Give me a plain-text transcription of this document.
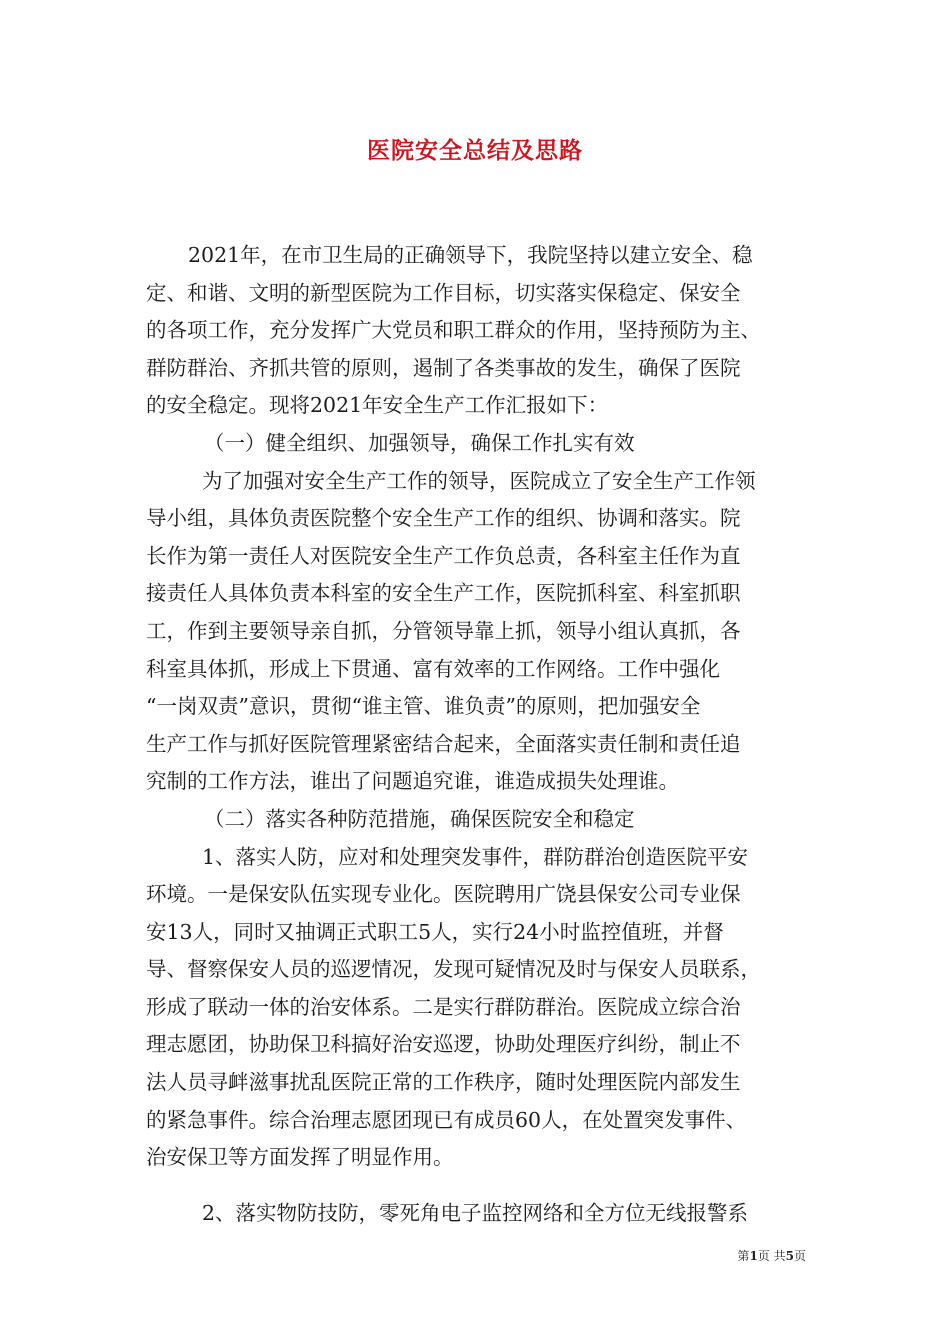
医院安全总结及思路
2021年，在市卫生局的正确领导下，我院坚持以建立安全、稳
定、和谐、文明的新型医院为工作目标，切实落实保稳定、保安全
的各项工作，充分发挥广大党员和职工群众的作用，坚持预防为主、
群防群治、齐抓共管的原则，遏制了各类事故的发生，确保了医院
的安全稳定。现将2021年安全生产工作汇报如下：
（一）健全组织、加强领导，确保工作扎实有效
为了加强对安全生产工作的领导，医院成立了安全生产工作领
导小组，具体负责医院整个安全生产工作的组织、协调和落实。院
长作为第一责任人对医院安全生产工作负总责，各科室主任作为直
接责任人具体负责本科室的安全生产工作，医院抓科室、科室抓职
工，作到主要领导亲自抓，分管领导靠上抓，领导小组认真抓，各
科室具体抓，形成上下贯通、富有效率的工作网络。工作中强化
“一岗双责”意识，贯彻“谁主管、谁负责”的原则，把加强安全
生产工作与抓好医院管理紧密结合起来，全面落实责任制和责任追
究制的工作方法，谁出了问题追究谁，谁造成损失处理谁。
（二）落实各种防范措施，确保医院安全和稳定
1、落实人防，应对和处理突发事件，群防群治创造医院平安
环境。一是保安队伍实现专业化。医院聘用广饶县保安公司专业保
安13人，同时又抽调正式职工5人，实行24小时监控值班，并督
导、督察保安人员的巡逻情况，发现可疑情况及时与保安人员联系，
形成了联动一体的治安体系。二是实行群防群治。医院成立综合治
理志愿团，协助保卫科搞好治安巡逻，协助处理医疗纠纷，制止不
法人员寻衅滋事扰乱医院正常的工作秩序，随时处理医院内部发生
的紧急事件。综合治理志愿团现已有成员60人，在处置突发事件、
治安保卫等方面发挥了明显作用。
2、落实物防技防，零死角电子监控网络和全方位无线报警系
第1页 共5页
